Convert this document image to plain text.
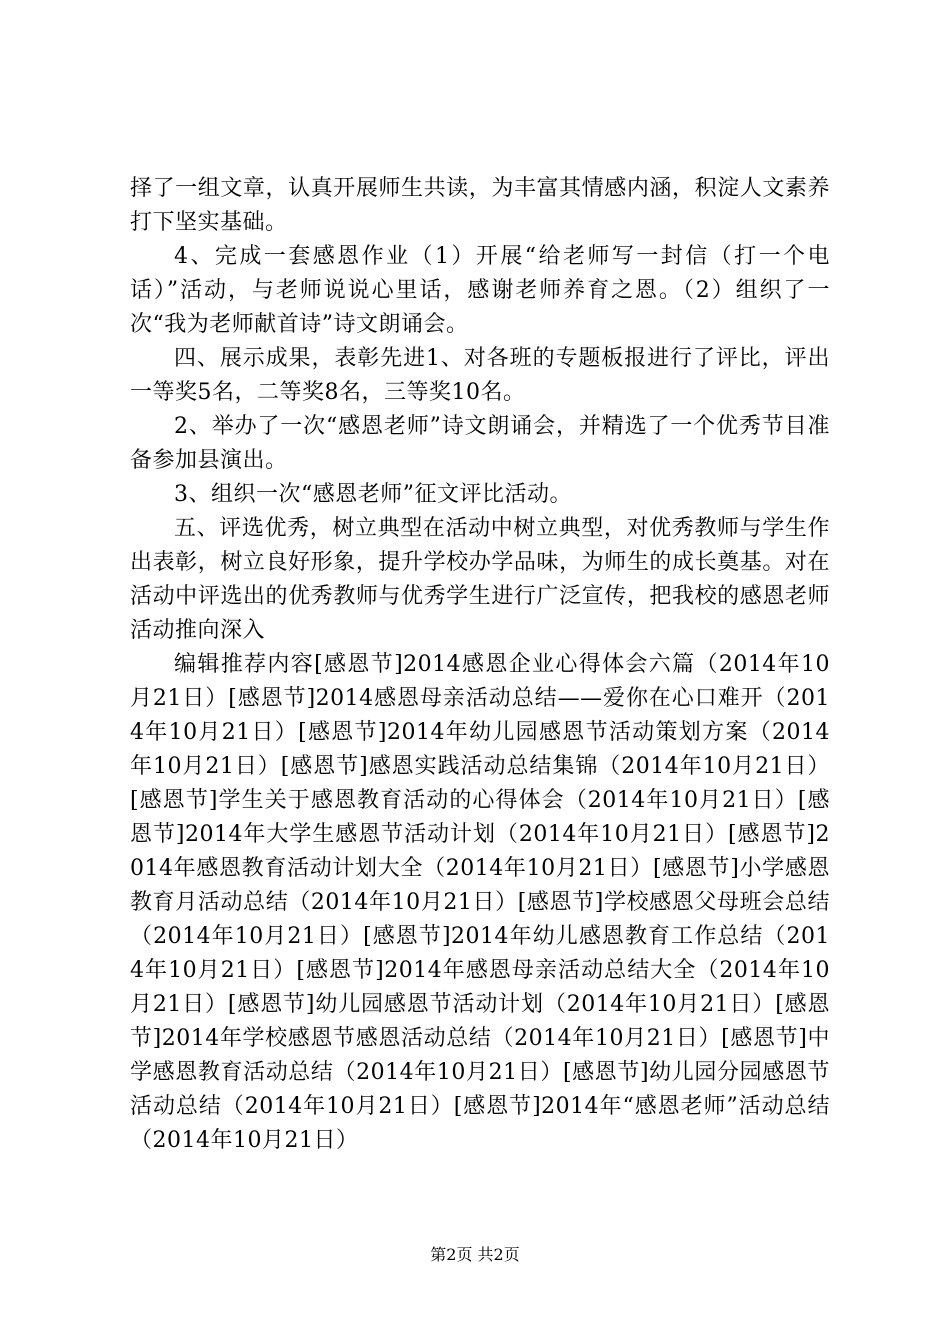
择了一组文章，认真开展师生共读，为丰富其情感内涵，积淀人文素养打下坚实基础。

4、完成一套感恩作业（1）开展“给老师写一封信（打一个电话）”活动，与老师说说心里话，感谢老师养育之恩。（2）组织了一次“我为老师献首诗”诗文朗诵会。

四、展示成果，表彰先进1、对各班的专题板报进行了评比，评出一等奖5名，二等奖8名，三等奖10名。

2、举办了一次“感恩老师”诗文朗诵会，并精选了一个优秀节目准备参加县演出。

3、组织一次“感恩老师”征文评比活动。

五、评选优秀，树立典型在活动中树立典型，对优秀教师与学生作出表彰，树立良好形象，提升学校办学品味，为师生的成长奠基。对在活动中评选出的优秀教师与优秀学生进行广泛宣传，把我校的感恩老师活动推向深入

编辑推荐内容[感恩节]2014感恩企业心得体会六篇（2014年10月21日）[感恩节]2014感恩母亲活动总结——爱你在心口难开（2014年10月21日）[感恩节]2014年幼儿园感恩节活动策划方案（2014年10月21日）[感恩节]感恩实践活动总结集锦（2014年10月21日）[感恩节]学生关于感恩教育活动的心得体会（2014年10月21日）[感恩节]2014年大学生感恩节活动计划（2014年10月21日）[感恩节]2014年感恩教育活动计划大全（2014年10月21日）[感恩节]小学感恩教育月活动总结（2014年10月21日）[感恩节]学校感恩父母班会总结（2014年10月21日）[感恩节]2014年幼儿感恩教育工作总结（2014年10月21日）[感恩节]2014年感恩母亲活动总结大全（2014年10月21日）[感恩节]幼儿园感恩节活动计划（2014年10月21日）[感恩节]2014年学校感恩节感恩活动总结（2014年10月21日）[感恩节]中学感恩教育活动总结（2014年10月21日）[感恩节]幼儿园分园感恩节活动总结（2014年10月21日）[感恩节]2014年“感恩老师”活动总结（2014年10月21日）

第2页 共2页
